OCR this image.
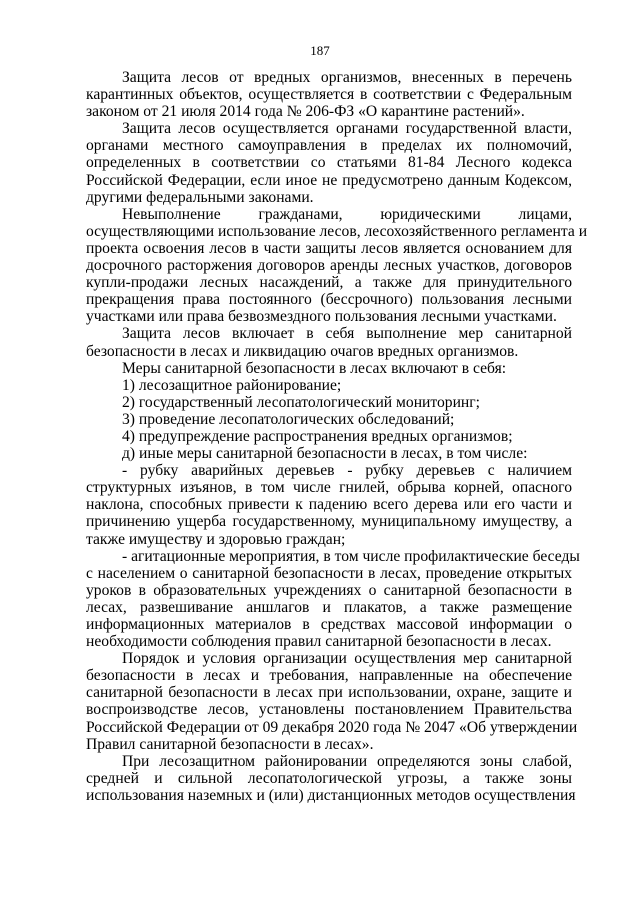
187
Защита лесов от вредных организмов, внесенных в перечень
карантинных объектов, осуществляется в соответствии с Федеральным
законом от 21 июля 2014 года № 206-ФЗ «О карантине растений».
Защита лесов осуществляется органами государственной власти,
органами местного самоуправления в пределах их полномочий,
определенных в соответствии со статьями 81-84 Лесного кодекса
Российской Федерации, если иное не предусмотрено данным Кодексом,
другими федеральными законами.
Невыполнение гражданами, юридическими лицами,
осуществляющими использование лесов, лесохозяйственного регламента и
проекта освоения лесов в части защиты лесов является основанием для
досрочного расторжения договоров аренды лесных участков, договоров
купли-продажи лесных насаждений, а также для принудительного
прекращения права постоянного (бессрочного) пользования лесными
участками или права безвозмездного пользования лесными участками.
Защита лесов включает в себя выполнение мер санитарной
безопасности в лесах и ликвидацию очагов вредных организмов.
Меры санитарной безопасности в лесах включают в себя:
1) лесозащитное районирование;
2) государственный лесопатологический мониторинг;
3) проведение лесопатологических обследований;
4) предупреждение распространения вредных организмов;
д) иные меры санитарной безопасности в лесах, в том числе:
- рубку аварийных деревьев - рубку деревьев с наличием
структурных изъянов, в том числе гнилей, обрыва корней, опасного
наклона, способных привести к падению всего дерева или его части и
причинению ущерба государственному, муниципальному имуществу, а
также имуществу и здоровью граждан;
- агитационные мероприятия, в том числе профилактические беседы
с населением о санитарной безопасности в лесах, проведение открытых
уроков в образовательных учреждениях о санитарной безопасности в
лесах, развешивание аншлагов и плакатов, а также размещение
информационных материалов в средствах массовой информации о
необходимости соблюдения правил санитарной безопасности в лесах.
Порядок и условия организации осуществления мер санитарной
безопасности в лесах и требования, направленные на обеспечение
санитарной безопасности в лесах при использовании, охране, защите и
воспроизводстве лесов, установлены постановлением Правительства
Российской Федерации от 09 декабря 2020 года № 2047 «Об утверждении
Правил санитарной безопасности в лесах».
При лесозащитном районировании определяются зоны слабой,
средней и сильной лесопатологической угрозы, а также зоны
использования наземных и (или) дистанционных методов осуществления
